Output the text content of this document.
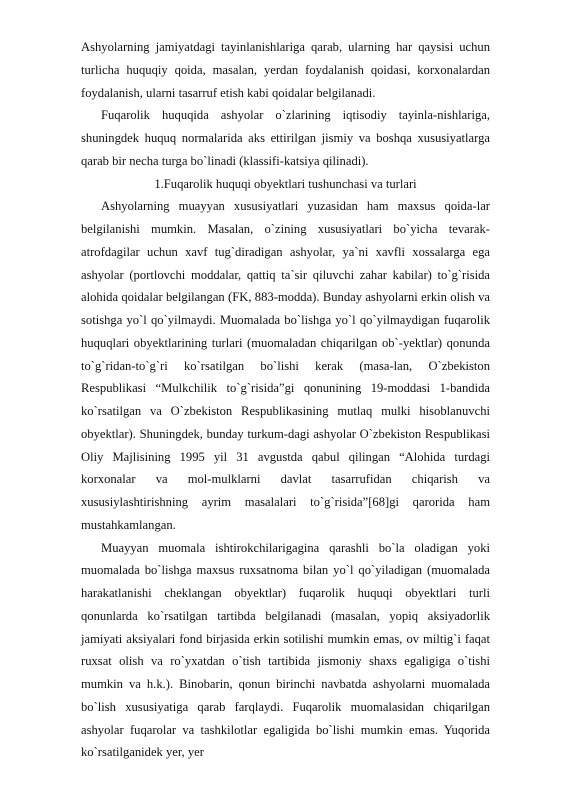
Ashyolarning jamiyatdagi tayinlanishlariga qarab, ularning har qaysisi uchun turlicha huquqiy qoida, masalan, yerdan foydalanish qoidasi, korxonalardan foydalanish, ularni tasarruf etish kabi qoidalar belgilanadi.

Fuqarolik huquqida ashyolar o`zlarining iqtisodiy tayinla-nishlariga, shuningdek huquq normalarida aks ettirilgan jismiy va boshqa xususiyatlarga qarab bir necha turga bo`linadi (klassifi-katsiya qilinadi).

1.Fuqarolik huquqi obyektlari tushunchasi va turlari

Ashyolarning muayyan xususiyatlari yuzasidan ham maxsus qoida-lar belgilanishi mumkin. Masalan, o`zining xususiyatlari bo`yicha tevarak-atrofdagilar uchun xavf tug`diradigan ashyolar, ya`ni xavfli xossalarga ega ashyolar (portlovchi moddalar, qattiq ta`sir qiluvchi zahar kabilar) to`g`risida alohida qoidalar belgilangan (FK, 883-modda). Bunday ashyolarni erkin olish va sotishga yo`l qo`yilmaydi. Muomalada bo`lishga yo`l qo`yilmaydigan fuqarolik huquqlari obyektlarining turlari (muomaladan chiqarilgan ob`-yektlar) qonunda to`g`ridan-to`g`ri ko`rsatilgan bo`lishi kerak (masa-lan, O`zbekiston Respublikasi “Mulkchilik to`g`risida”gi qonunining 19-moddasi 1-bandida ko`rsatilgan va O`zbekiston Respublikasining mutlaq mulki hisoblanuvchi obyektlar). Shuningdek, bunday turkum-dagi ashyolar O`zbekiston Respublikasi Oliy Majlisining 1995 yil 31 avgustda qabul qilingan “Alohida turdagi korxonalar va mol-mulklarni davlat tasarrufidan chiqarish va xususiylashtirishning ayrim masalalari to`g`risida”[68]gi qarorida ham mustahkamlangan.

Muayyan muomala ishtirokchilarigagina qarashli bo`la oladigan yoki muomalada bo`lishga maxsus ruxsatnoma bilan yo`l qo`yiladigan (muomalada harakatlanishi cheklangan obyektlar) fuqarolik huquqi obyektlari turli qonunlarda ko`rsatilgan tartibda belgilanadi (masalan, yopiq aksiyadorlik jamiyati aksiyalari fond birjasida erkin sotilishi mumkin emas, ov miltig`i faqat ruxsat olish va ro`yxatdan o`tish tartibida jismoniy shaxs egaligiga o`tishi mumkin va h.k.). Binobarin, qonun birinchi navbatda ashyolarni muomalada bo`lish xususiyatiga qarab farqlaydi. Fuqarolik muomalasidan chiqarilgan ashyolar fuqarolar va tashkilotlar egaligida bo`lishi mumkin emas. Yuqorida ko`rsatilganidek yer, yer
